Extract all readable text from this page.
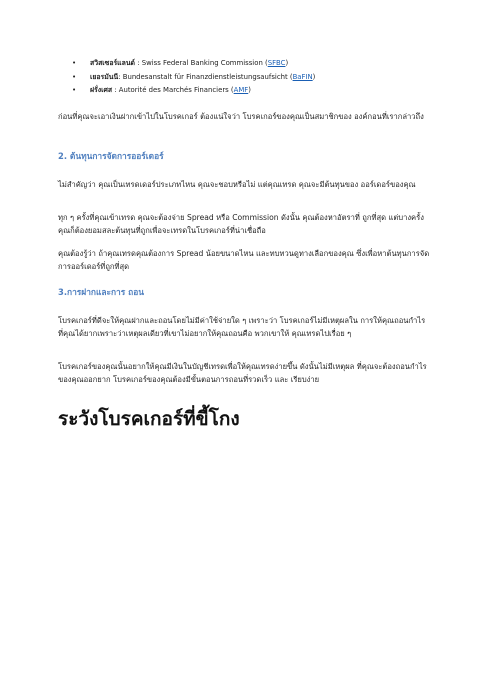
• สวิสเซอร์แลนด์ : Swiss Federal Banking Commission (SFBC)
• เยอรมันนี: Bundesanstalt für Finanzdienstleistungsaufsicht (BaFIN)
• ฝรั่งเศส : Autorité des Marchés Financiers (AMF)

ก่อนที่คุณจะเอาเงินฝากเข้าไปในโบรคเกอร์ ต้องแน่ใจว่า โบรคเกอร์ของคุณเป็นสมาชิกของ องค์กอนที่เรากล่าวถึง

2. ต้นทุนการจัดการออร์เดอร์

ไม่สำคัญว่า คุณเป็นเทรดเดอร์ประเภทไหน คุณจะชอบหรือไม่ แต่คุณเทรด คุณจะมีต้นทุนของ ออร์เดอร์ของคุณ

ทุก ๆ ครั้งที่คุณเข้าเทรด คุณจะต้องจ่าย Spread หรือ Commission ดังนั้น คุณต้องหาอัตราที่ ถูกที่สุด แต่บางครั้งคุณก็ต้องยอมสละต้นทุนที่ถูกเพื่อจะเทรดในโบรคเกอร์ที่น่าเชื่อถือ

คุณต้องรู้ว่า ถ้าคุณเทรดคุณต้องการ Spread น้อยขนาดไหน และทบทวนดูทางเลือกของคุณ ซึ่งเพื่อหาต้นทุนการจัดการออร์เดอร์ที่ถูกที่สุด

3.การฝากและการ ถอน

โบรคเกอร์ที่ดีจะให้คุณฝากและถอนโดยไม่มีค่าใช้จ่ายใด ๆ เพราะว่า โบรคเกอร์ไม่มีเหตุผลใน การให้คุณถอนกำไรที่คุณได้ยากเพราะว่าเหตุผลเดียวที่เขาไม่อยากให้คุณถอนคือ พวกเขาให้ คุณเทรดไปเรื่อย ๆ

โบรคเกอร์ของคุณนั้นอยากให้คุณมีเงินในบัญชีเทรดเพื่อให้คุณเทรดง่ายขึ้น ดังนั้นไม่มีเหตุผล ที่คุณจะต้องถอนกำไรของคุณออกยาก โบรคเกอร์ของคุณต้องมีขั้นตอนการถอนที่รวดเร็ว และ เรียบง่าย

ระวังโบรคเกอร์ที่ขี้โกง
